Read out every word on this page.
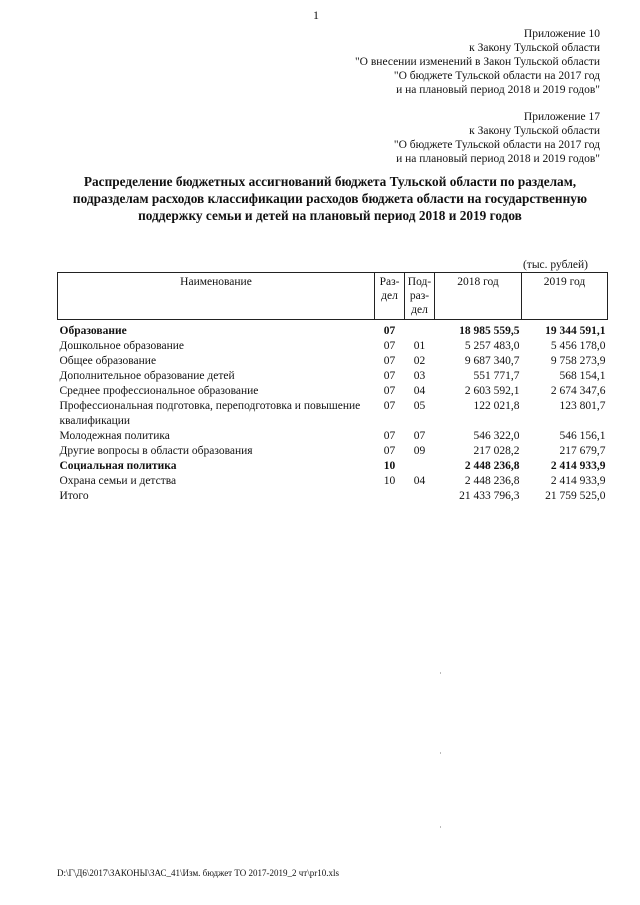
1
Приложение 10
к Закону Тульской области
"О внесении изменений в Закон Тульской области
"О бюджете Тульской области на 2017 год
и на плановый период 2018 и 2019 годов"
Приложение 17
к Закону Тульской области
"О бюджете Тульской области на 2017 год
и на плановый период 2018 и 2019 годов"
Распределение бюджетных ассигнований бюджета Тульской области по разделам, подразделам расходов классификации расходов бюджета области на государственную поддержку семьи и детей на плановый период 2018 и 2019 годов
(тыс. рублей)
Наименование	Раз-дел	Под-раз-дел	2018 год	2019 год
Образование	07		18 985 559,5	19 344 591,1
Дошкольное образование	07	01	5 257 483,0	5 456 178,0
Общее образование	07	02	9 687 340,7	9 758 273,9
Дополнительное образование детей	07	03	551 771,7	568 154,1
Среднее профессиональное образование	07	04	2 603 592,1	2 674 347,6
Профессиональная подготовка, переподготовка и повышение квалификации	07	05	122 021,8	123 801,7
Молодежная политика	07	07	546 322,0	546 156,1
Другие вопросы в области образования	07	09	217 028,2	217 679,7
Социальная политика	10		2 448 236,8	2 414 933,9
Охрана семьи и детства	10	04	2 448 236,8	2 414 933,9
Итого			21 433 796,3	21 759 525,0
D:\Г\Д6\2017\ЗАКОНЫ\ЗАС_41\Изм. бюджет ТО 2017-2019_2 чт\pr10.xls
